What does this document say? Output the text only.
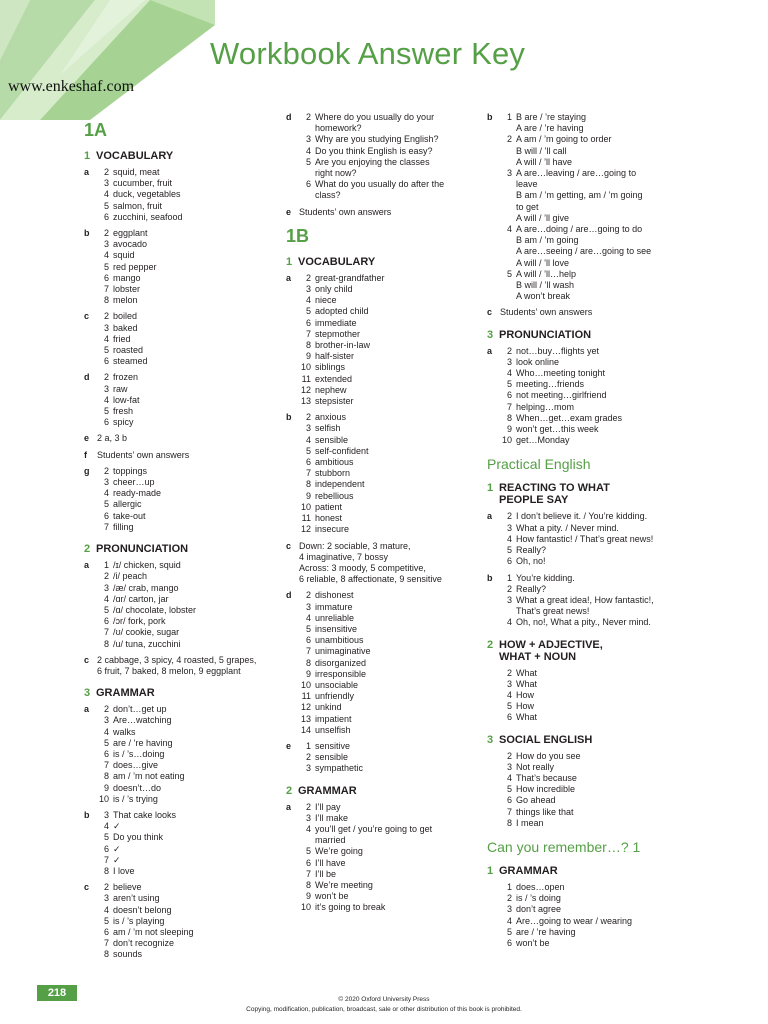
Workbook Answer Key
www.enkeshaf.com
1A
1 VOCABULARY
a	2 squid, meat
3 cucumber, fruit
4 duck, vegetables
5 salmon, fruit
6 zucchini, seafood
b	2 eggplant
3 avocado
4 squid
5 red pepper
6 mango
7 lobster
8 melon
c	2 boiled
3 baked
4 fried
5 roasted
6 steamed
d	2 frozen
3 raw
4 low-fat
5 fresh
6 spicy
e 2 a, 3 b
f	Students’ own answers
g	2 toppings
3 cheer…up
4 ready-made
5 allergic
6 take-out
7 filling
2 PRONUNCIATION
a	1 /ɪ/ chicken, squid
2 /i/ peach
3 /æ/ crab, mango
4 /ɑr/ carton, jar
5 /ɑ/ chocolate, lobster
6 /ɔr/ fork, pork
7 /ʊ/ cookie, sugar
8 /u/ tuna, zucchini
c 2 cabbage, 3 spicy, 4 roasted, 5 grapes,
6 fruit, 7 baked, 8 melon, 9 eggplant
3 GRAMMAR
a	2 don’t…get up
3 Are…watching
4 walks
5 are / ’re having
6 is / ’s…doing
7 does…give
8 am / ’m not eating
9 doesn’t…do
10 is / ’s trying
b	3 That cake looks
4 ✓
5 Do you think
6 ✓
7 ✓
8 I love
c	2 believe
3 aren’t using
4 doesn’t belong
5 is / ’s playing
6 am / ’m not sleeping
7 don’t recognize
8 sounds
d	2 Where do you usually do your
homework?
3 Why are you studying English?
4 Do you think English is easy?
5 Are you enjoying the classes
right now?
6 What do you usually do after the
class?
e Students’ own answers
1B
1 VOCABULARY
a	2 great-grandfather
3 only child
4 niece
5 adopted child
6 immediate
7 stepmother
8 brother-in-law
9 half-sister
10 siblings
11 extended
12 nephew
13 stepsister
b	2 anxious
3 selfish
4 sensible
5 self-confident
6 ambitious
7 stubborn
8 independent
9 rebellious
10 patient
11 honest
12 insecure
c Down: 2 sociable, 3 mature,
4 imaginative, 7 bossy
Across: 3 moody, 5 competitive,
6 reliable, 8 affectionate, 9 sensitive
d	2 dishonest
3 immature
4 unreliable
5 insensitive
6 unambitious
7 unimaginative
8 disorganized
9 irresponsible
10 unsociable
11 unfriendly
12 unkind
13 impatient
14 unselfish
e	1 sensitive
2 sensible
3 sympathetic
2 GRAMMAR
a	2 I’ll pay
3 I’ll make
4 you’ll get / you’re going to get
married
5 We’re going
6 I’ll have
7 I’ll be
8 We’re meeting
9 won’t be
10 it’s going to break
b	1 B are / ’re staying
A are / ’re having
2 A am / ’m going to order
B will / ’ll call
A will / ’ll have
3 A are…leaving / are…going to
leave
B am / ’m getting, am / ’m going
to get
A will / ’ll give
4 A are…doing / are…going to do
B am / ’m going
A are…seeing / are…going to see
A will / ’ll love
5 A will / ’ll…help
B will / ’ll wash
A won’t break
c Students’ own answers
3 PRONUNCIATION
a	2 not…buy…flights yet
3 look online
4 Who…meeting tonight
5 meeting…friends
6 not meeting…girlfriend
7 helping…mom
8 When…get…exam grades
9 won’t get…this week
10 get…Monday
Practical English
1 REACTING TO WHAT
PEOPLE SAY
a	2 I don’t believe it. / You’re kidding.
3 What a pity. / Never mind.
4 How fantastic! / That’s great news!
5 Really?
6 Oh, no!
b	1 You’re kidding.
2 Really?
3 What a great idea!, How fantastic!,
That’s great news!
4 Oh, no!, What a pity., Never mind.
2 HOW + ADJECTIVE,
WHAT + NOUN
2 What
3 What
4 How
5 How
6 What
3 SOCIAL ENGLISH
2 How do you see
3 Not really
4 That’s because
5 How incredible
6 Go ahead
7 things like that
8 I mean
Can you remember…? 1
1 GRAMMAR
1 does…open
2 is / ’s doing
3 don’t agree
4 Are…going to wear / wearing
5 are / ’re having
6 won’t be
218
© 2020 Oxford University Press
Copying, modification, publication, broadcast, sale or other distribution of this book is prohibited.
